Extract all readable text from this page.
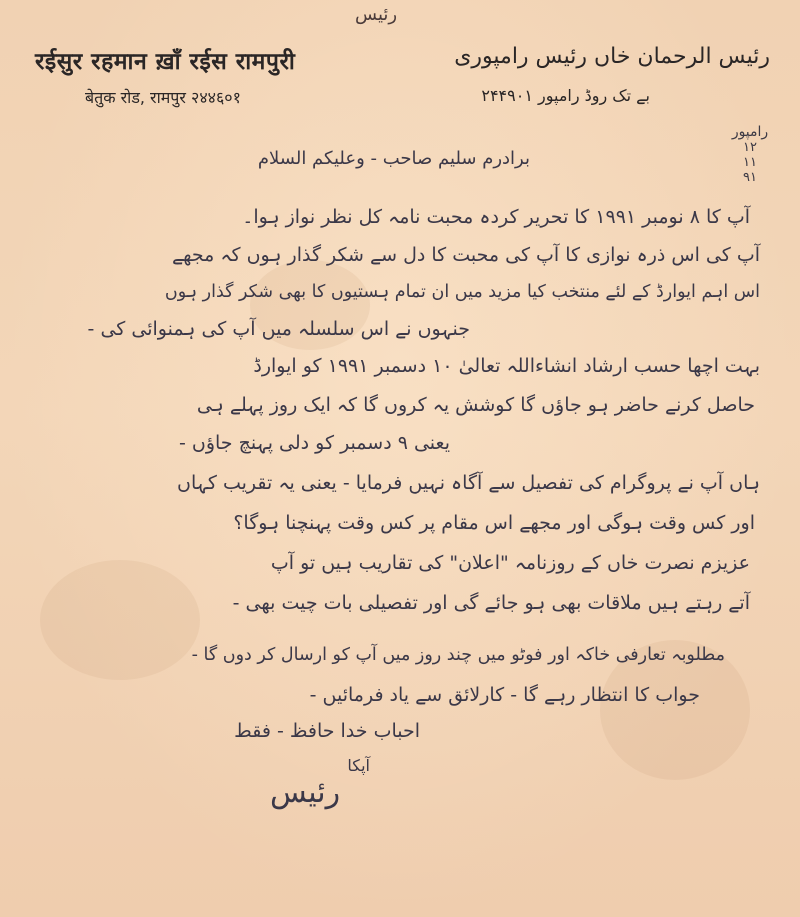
رئیس
रईसुर रहमान ख़ाँ रईस रामपुरी
बेतुक रोड, रामपुर २४४६०१
رئیس الرحمان خاں رئیس رامپوری
بے تک روڈ رامپور ۲۴۴۹۰۱
رامپور
۱۲
۱۱
۹۱
برادرم سلیم صاحب - وعلیکم السلام
آپ کا ۸ نومبر ۱۹۹۱ کا تحریر کردہ محبت نامہ کل نظر نواز ہوا۔
آپ کی اس ذرہ نوازی کا آپ کی محبت کا دل سے شکر گذار ہوں کہ مجھے
اس اہم ایوارڈ کے لئے منتخب کیا مزید میں ان تمام ہستیوں کا بھی شکر گذار ہوں
جنہوں نے اس سلسلہ میں آپ کی ہمنوائی کی -
بہت اچھا حسب ارشاد انشاءاللہ تعالیٰ ۱۰ دسمبر ۱۹۹۱ کو ایوارڈ
حاصل کرنے حاضر ہو جاؤں گا کوشش یہ کروں گا کہ ایک روز پہلے ہی
یعنی ۹ دسمبر کو دلی پہنچ جاؤں -
ہاں آپ نے پروگرام کی تفصیل سے آگاہ نہیں فرمایا - یعنی یہ تقریب کہاں
اور کس وقت ہوگی اور مجھے اس مقام پر کس وقت پہنچنا ہوگا؟
عزیزم نصرت خاں کے روزنامہ "اعلان" کی تقاریب ہیں تو آپ
آتے رہتے ہیں ملاقات بھی ہو جائے گی اور تفصیلی بات چیت بھی -
مطلوبہ تعارفی خاکہ اور فوٹو میں چند روز میں آپ کو ارسال کر دوں گا -
جواب کا انتظار رہے گا - کارلائق سے یاد فرمائیں -
احباب خدا حافظ - فقط
آپکا
رئیس
